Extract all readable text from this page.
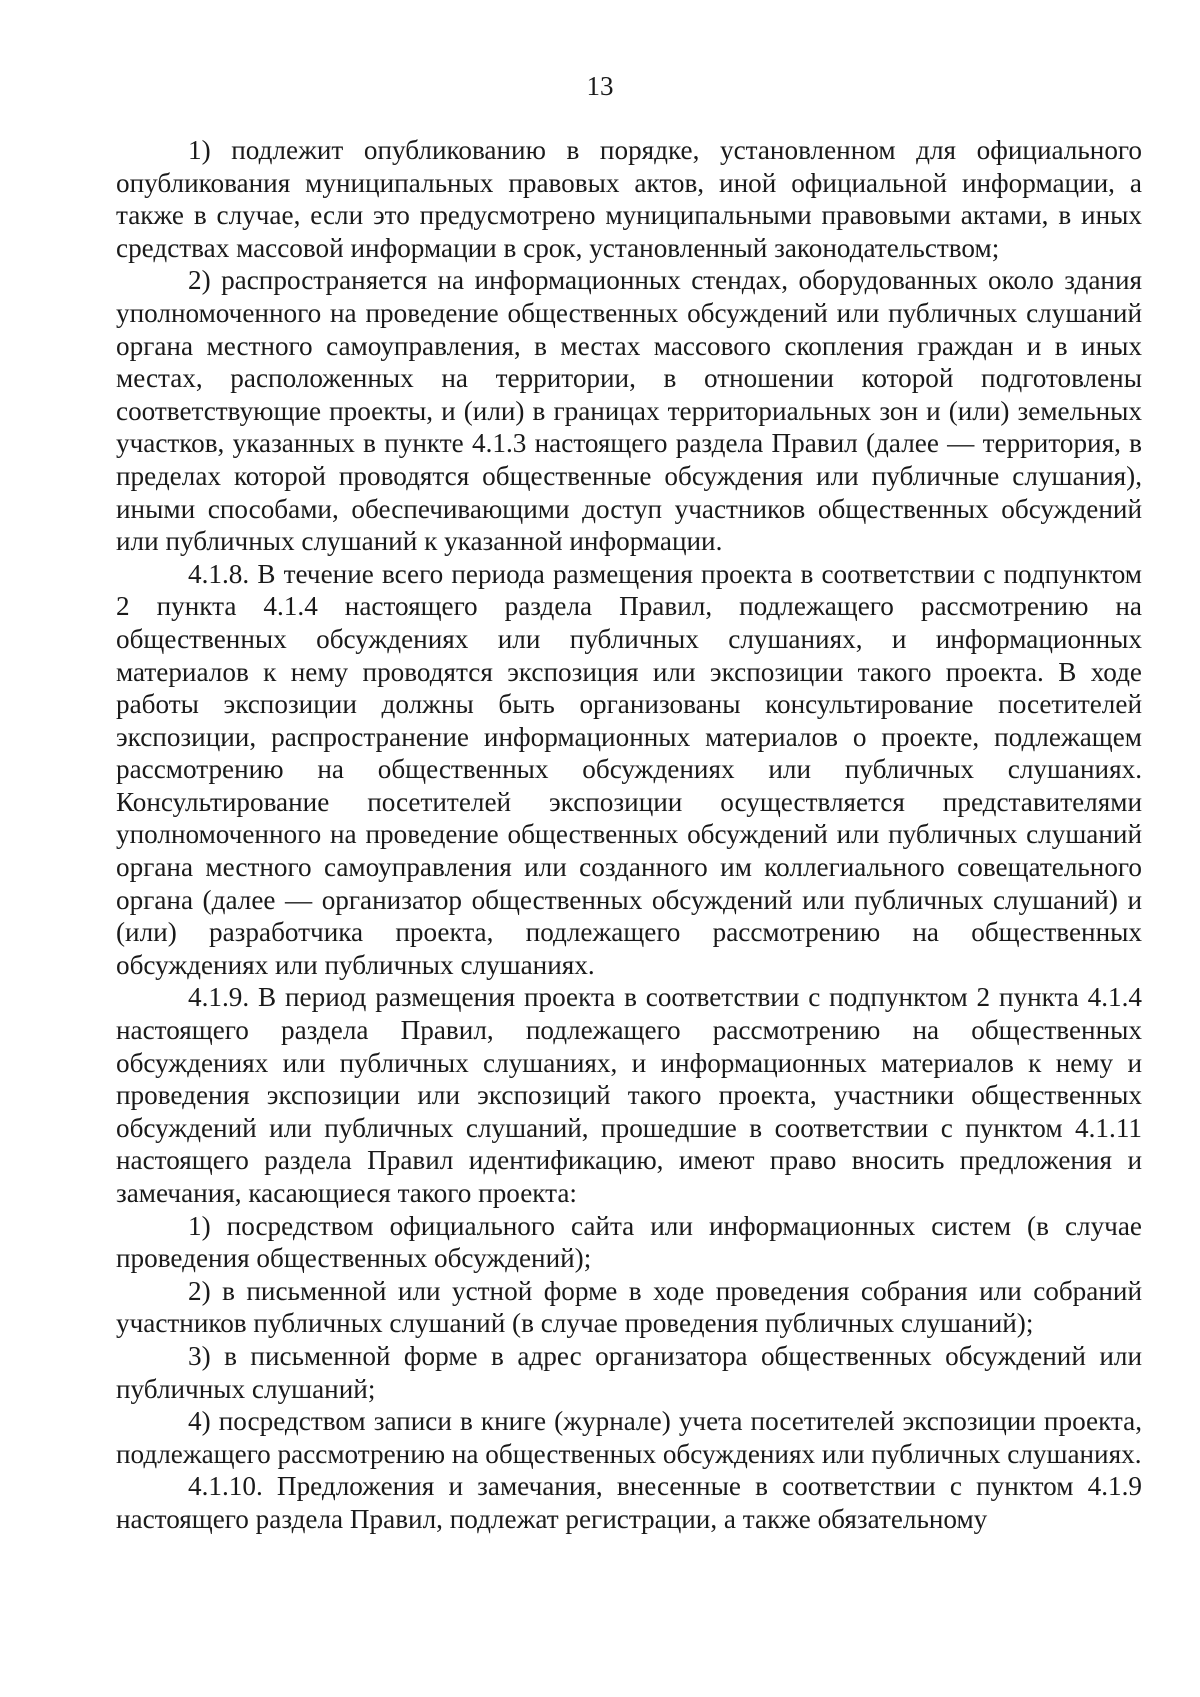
13

1) подлежит опубликованию в порядке, установленном для официального опубликования муниципальных правовых актов, иной официальной информации, а также в случае, если это предусмотрено муниципальными правовыми актами, в иных средствах массовой информации в срок, установленный законодательством;

2) распространяется на информационных стендах, оборудованных около здания уполномоченного на проведение общественных обсуждений или публичных слушаний органа местного самоуправления, в местах массового скопления граждан и в иных местах, расположенных на территории, в отношении которой подготовлены соответствующие проекты, и (или) в границах территориальных зон и (или) земельных участков, указанных в пункте 4.1.3 настоящего раздела Правил (далее — территория, в пределах которой проводятся общественные обсуждения или публичные слушания), иными способами, обеспечивающими доступ участников общественных обсуждений или публичных слушаний к указанной информации.

4.1.8. В течение всего периода размещения проекта в соответствии с подпунктом 2 пункта 4.1.4 настоящего раздела Правил, подлежащего рассмотрению на общественных обсуждениях или публичных слушаниях, и информационных материалов к нему проводятся экспозиция или экспозиции такого проекта. В ходе работы экспозиции должны быть организованы консультирование посетителей экспозиции, распространение информационных материалов о проекте, подлежащем рассмотрению на общественных обсуждениях или публичных слушаниях. Консультирование посетителей экспозиции осуществляется представителями уполномоченного на проведение общественных обсуждений или публичных слушаний органа местного самоуправления или созданного им коллегиального совещательного органа (далее — организатор общественных обсуждений или публичных слушаний) и (или) разработчика проекта, подлежащего рассмотрению на общественных обсуждениях или публичных слушаниях.

4.1.9. В период размещения проекта в соответствии с подпунктом 2 пункта 4.1.4 настоящего раздела Правил, подлежащего рассмотрению на общественных обсуждениях или публичных слушаниях, и информационных материалов к нему и проведения экспозиции или экспозиций такого проекта, участники общественных обсуждений или публичных слушаний, прошедшие в соответствии с пунктом 4.1.11 настоящего раздела Правил идентификацию, имеют право вносить предложения и замечания, касающиеся такого проекта:

1) посредством официального сайта или информационных систем (в случае проведения общественных обсуждений);

2) в письменной или устной форме в ходе проведения собрания или собраний участников публичных слушаний (в случае проведения публичных слушаний);

3) в письменной форме в адрес организатора общественных обсуждений или публичных слушаний;

4) посредством записи в книге (журнале) учета посетителей экспозиции проекта, подлежащего рассмотрению на общественных обсуждениях или публичных слушаниях.

4.1.10. Предложения и замечания, внесенные в соответствии с пунктом 4.1.9 настоящего раздела Правил, подлежат регистрации, а также обязательному
